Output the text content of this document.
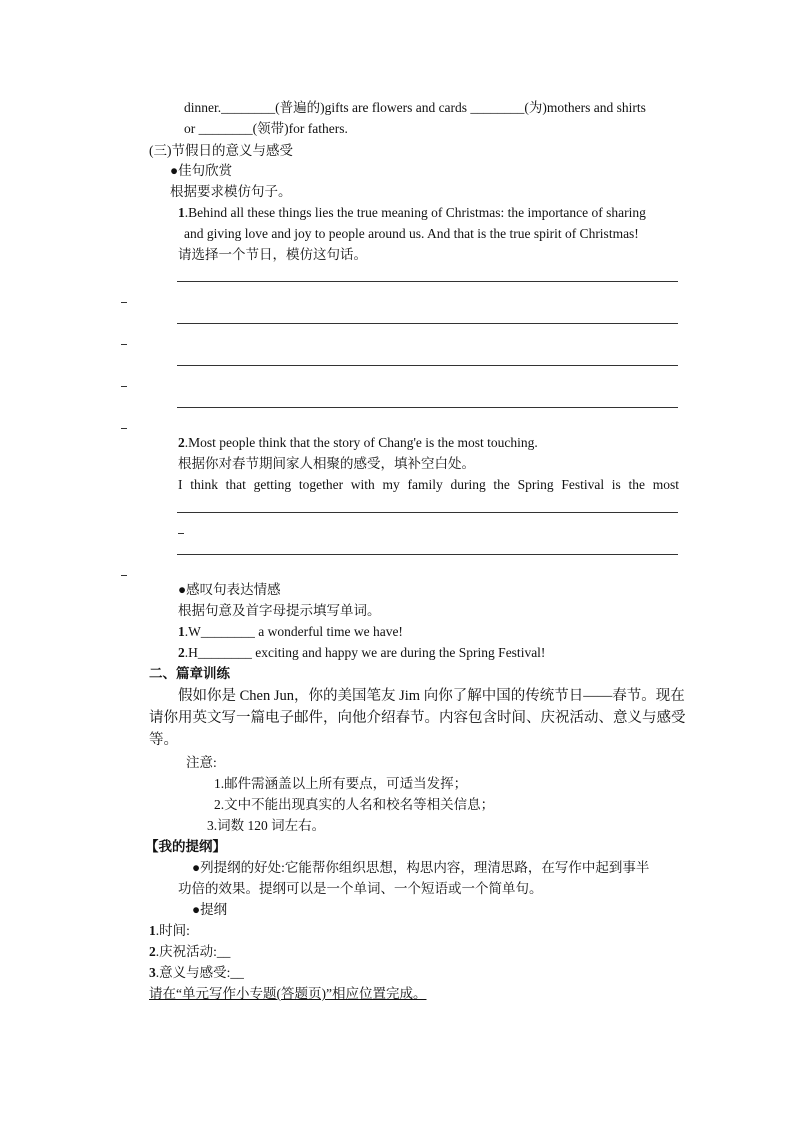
dinner.________(普遍的)gifts are flowers and cards ________(为)mothers and shirts
or ________(领带)for fathers.
(三)节假日的意义与感受
●佳句欣赏
根据要求模仿句子。
1.Behind all these things lies the true meaning of Christmas: the importance of sharing
and giving love and joy to people around us. And that is the true spirit of Christmas!
请选择一个节日，模仿这句话。
2.Most people think that the story of Chang'e is the most touching.
根据你对春节期间家人相聚的感受，填补空白处。
I think that getting together with my family during the Spring Festival is the most
●感叹句表达情感
根据句意及首字母提示填写单词。
1.W________ a wonderful time we have!
2.H________ exciting and happy we are during the Spring Festival!
二、篇章训练
假如你是 Chen Jun，你的美国笔友 Jim 向你了解中国的传统节日——春节。现在
请你用英文写一篇电子邮件，向他介绍春节。内容包含时间、庆祝活动、意义与感受
等。
注意:
1.邮件需涵盖以上所有要点，可适当发挥；
2.文中不能出现真实的人名和校名等相关信息；
3.词数 120 词左右。
【我的提纲】
●列提纲的好处:它能帮你组织思想，构思内容，理清思路，在写作中起到事半
功倍的效果。提纲可以是一个单词、一个短语或一个简单句。
●提纲
1.时间:
2.庆祝活动:__
3.意义与感受:__
请在“单元写作小专题(答题页)”相应位置完成。
